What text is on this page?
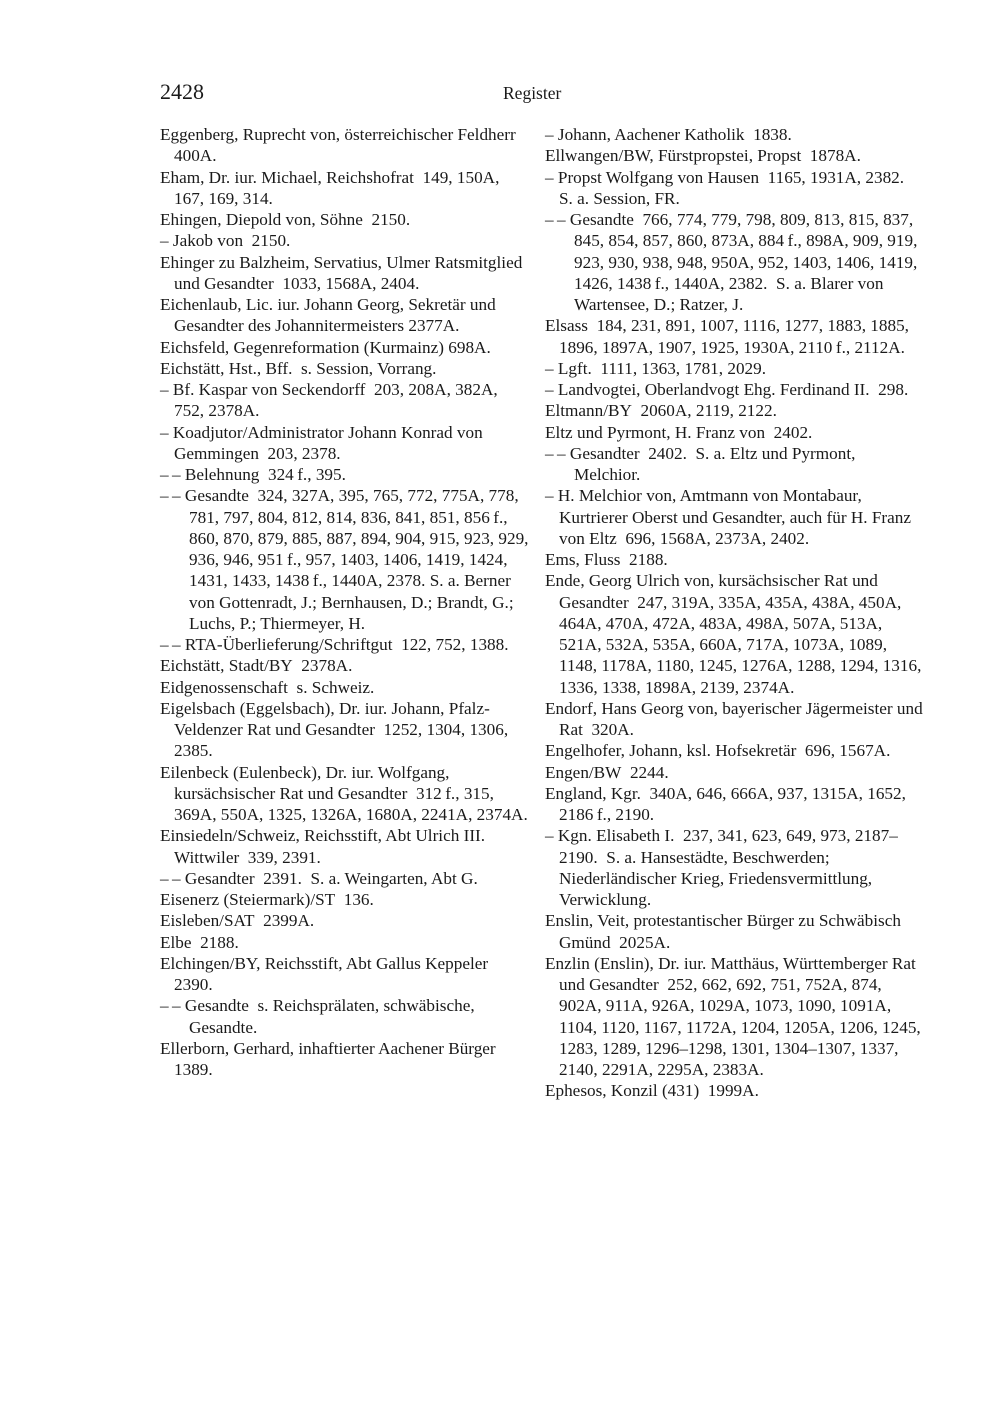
2428	Register

Eggenberg, Ruprecht von, österreichischer Feldherr  400A.

Eham, Dr. iur. Michael, Reichshofrat  149, 150A, 167, 169, 314.

Ehingen, Diepold von, Söhne  2150.

– Jakob von  2150.

Ehinger zu Balzheim, Servatius, Ulmer Ratsmitglied und Gesandter  1033, 1568A, 2404.

Eichenlaub, Lic. iur. Johann Georg, Sekretär und Gesandter des Johannitermeisters 2377A.

Eichsfeld, Gegenreformation (Kurmainz) 698A.

Eichstätt, Hst., Bff.  s. Session, Vorrang.

– Bf. Kaspar von Seckendorff  203, 208A, 382A, 752, 2378A.

– Koadjutor/Administrator Johann Konrad von Gemmingen  203, 2378.

– – Belehnung  324 f., 395.

– – Gesandte  324, 327A, 395, 765, 772, 775A, 778, 781, 797, 804, 812, 814, 836, 841, 851, 856 f., 860, 870, 879, 885, 887, 894, 904, 915, 923, 929, 936, 946, 951 f., 957, 1403, 1406, 1419, 1424, 1431, 1433, 1438 f., 1440A, 2378. S. a. Berner von Gottenradt, J.; Bernhausen, D.; Brandt, G.; Luchs, P.; Thiermeyer, H.

– – RTA-Überlieferung/Schriftgut  122, 752, 1388.

Eichstätt, Stadt/BY  2378A.

Eidgenossenschaft  s. Schweiz.

Eigelsbach (Eggelsbach), Dr. iur. Johann, Pfalz-Veldenzer Rat und Gesandter  1252, 1304, 1306, 2385.

Eilenbeck (Eulenbeck), Dr. iur. Wolfgang, kursächsischer Rat und Gesandter  312 f., 315, 369A, 550A, 1325, 1326A, 1680A, 2241A, 2374A.

Einsiedeln/Schweiz, Reichsstift, Abt Ulrich III. Wittwiler  339, 2391.

– – Gesandter  2391.  S. a. Weingarten, Abt G.

Eisenerz (Steiermark)/ST  136.

Eisleben/SAT  2399A.

Elbe  2188.

Elchingen/BY, Reichsstift, Abt Gallus Keppeler  2390.

– – Gesandte  s. Reichsprälaten, schwäbische, Gesandte.

Ellerborn, Gerhard, inhaftierter Aachener Bürger  1389.

– Johann, Aachener Katholik  1838.

Ellwangen/BW, Fürstpropstei, Propst  1878A.

– Propst Wolfgang von Hausen  1165, 1931A, 2382.  S. a. Session, FR.

– – Gesandte  766, 774, 779, 798, 809, 813, 815, 837, 845, 854, 857, 860, 873A, 884 f., 898A, 909, 919, 923, 930, 938, 948, 950A, 952, 1403, 1406, 1419, 1426, 1438 f., 1440A, 2382.  S. a. Blarer von Wartensee, D.; Ratzer, J.

Elsass  184, 231, 891, 1007, 1116, 1277, 1883, 1885, 1896, 1897A, 1907, 1925, 1930A, 2110 f., 2112A.

– Lgft.  1111, 1363, 1781, 2029.

– Landvogtei, Oberlandvogt Ehg. Ferdinand II.  298.

Eltmann/BY  2060A, 2119, 2122.

Eltz und Pyrmont, H. Franz von  2402.

– – Gesandter  2402.  S. a. Eltz und Pyrmont, Melchior.

– H. Melchior von, Amtmann von Montabaur, Kurtrierer Oberst und Gesandter, auch für H. Franz von Eltz  696, 1568A, 2373A, 2402.

Ems, Fluss  2188.

Ende, Georg Ulrich von, kursächsischer Rat und Gesandter  247, 319A, 335A, 435A, 438A, 450A, 464A, 470A, 472A, 483A, 498A, 507A, 513A, 521A, 532A, 535A, 660A, 717A, 1073A, 1089, 1148, 1178A, 1180, 1245, 1276A, 1288, 1294, 1316, 1336, 1338, 1898A, 2139, 2374A.

Endorf, Hans Georg von, bayerischer Jägermeister und Rat  320A.

Engelhofer, Johann, ksl. Hofsekretär  696, 1567A.

Engen/BW  2244.

England, Kgr.  340A, 646, 666A, 937, 1315A, 1652, 2186 f., 2190.

– Kgn. Elisabeth I.  237, 341, 623, 649, 973, 2187–2190.  S. a. Hansestädte, Beschwerden; Niederländischer Krieg, Friedensvermittlung, Verwicklung.

Enslin, Veit, protestantischer Bürger zu Schwäbisch Gmünd  2025A.

Enzlin (Enslin), Dr. iur. Matthäus, Württemberger Rat und Gesandter  252, 662, 692, 751, 752A, 874, 902A, 911A, 926A, 1029A, 1073, 1090, 1091A, 1104, 1120, 1167, 1172A, 1204, 1205A, 1206, 1245, 1283, 1289, 1296–1298, 1301, 1304–1307, 1337, 2140, 2291A, 2295A, 2383A.

Ephesos, Konzil (431)  1999A.
